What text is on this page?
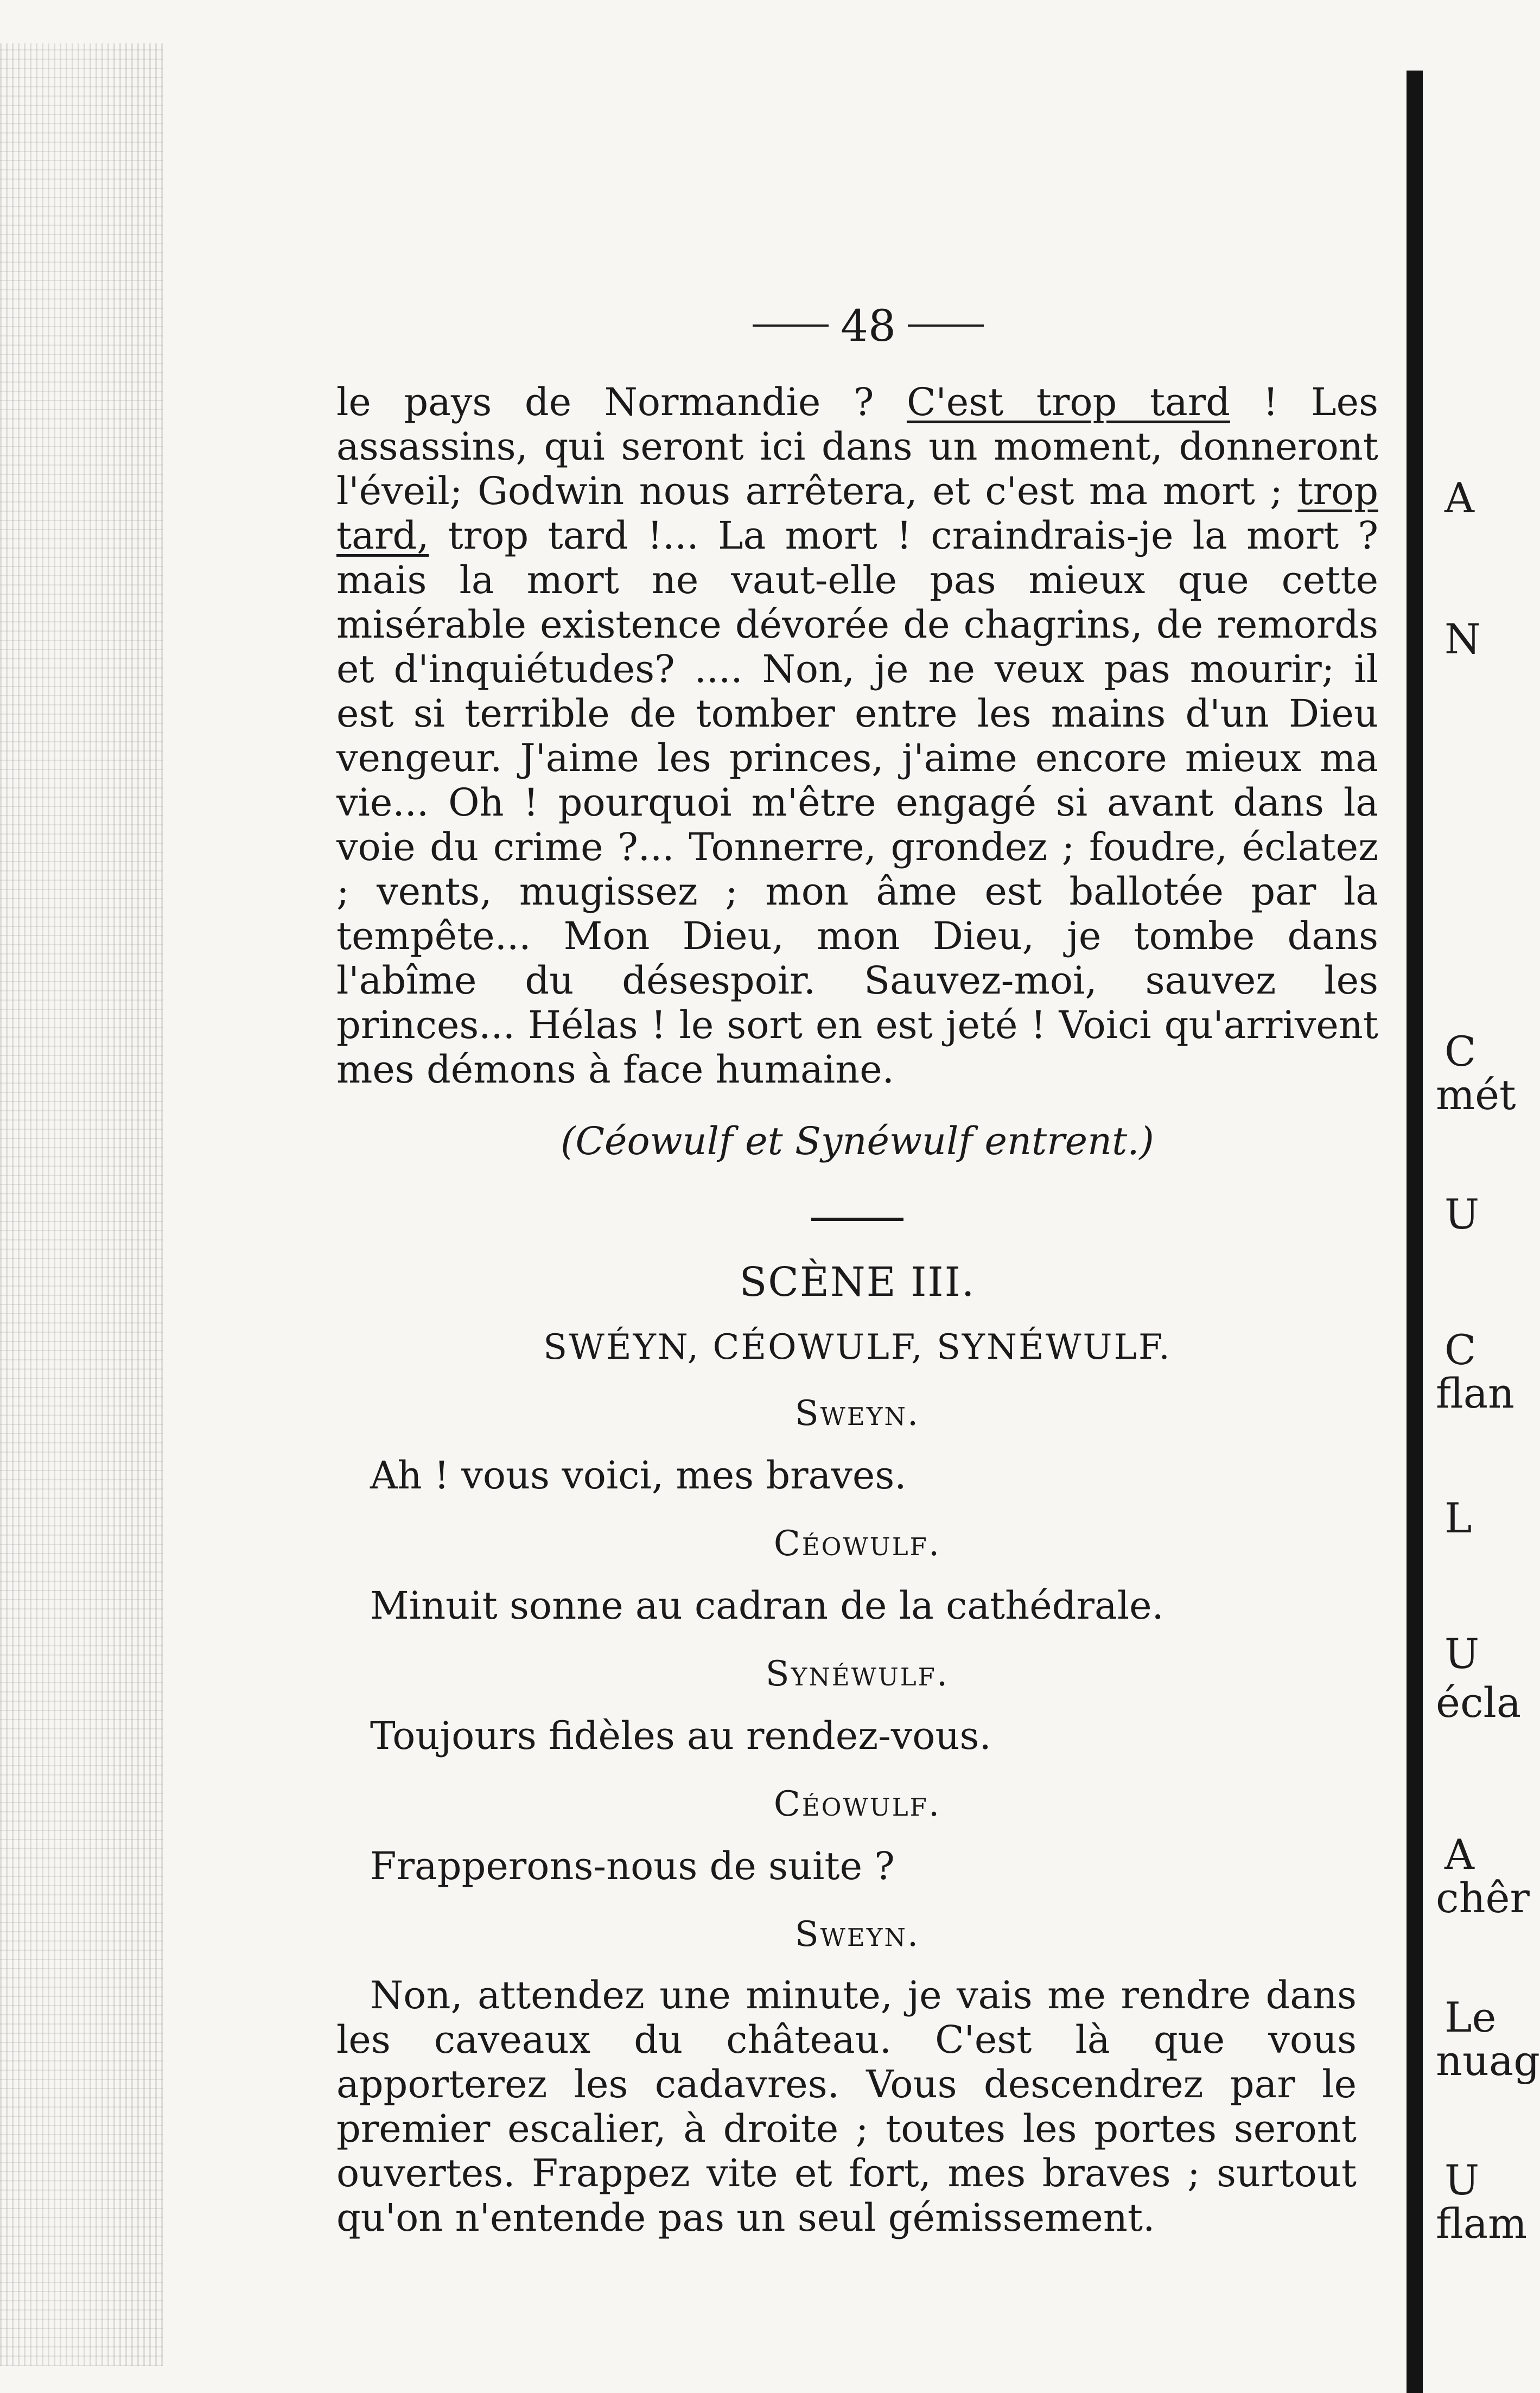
A
N
C
mét
U
C
flan
L
U
écla
A
chêr
Le
nuag
U
flam
48

le pays de Normandie ? C'est trop tard ! Les assassins, qui seront ici dans un moment, donneront l'éveil; Godwin nous arrêtera, et c'est ma mort ; trop tard, trop tard !... La mort ! craindrais-je la mort ? mais la mort ne vaut-elle pas mieux que cette misérable existence dévorée de chagrins, de remords et d'inquiétudes? .... Non, je ne veux pas mourir; il est si terrible de tomber entre les mains d'un Dieu vengeur. J'aime les princes, j'aime encore mieux ma vie... Oh ! pourquoi m'être engagé si avant dans la voie du crime ?... Tonnerre, grondez ; foudre, éclatez ; vents, mugissez ; mon âme est ballotée par la tempête... Mon Dieu, mon Dieu, je tombe dans l'abîme du désespoir. Sauvez-moi, sauvez les princes... Hélas ! le sort en est jeté ! Voici qu'arrivent mes démons à face humaine.

(Céowulf et Synéwulf entrent.)
SCÈNE III.
SWÉYN, CÉOWULF, SYNÉWULF.
Sweyn.
Ah ! vous voici, mes braves.
Céowulf.
Minuit sonne au cadran de la cathédrale.
Synéwulf.
Toujours fidèles au rendez-vous.
Céowulf.
Frapperons-nous de suite ?
Sweyn.

Non, attendez une minute, je vais me rendre dans les caveaux du château. C'est là que vous apporterez les cadavres. Vous descendrez par le premier escalier, à droite ; toutes les portes seront ouvertes. Frappez vite et fort, mes braves ; surtout qu'on n'entende pas un seul gémissement.
